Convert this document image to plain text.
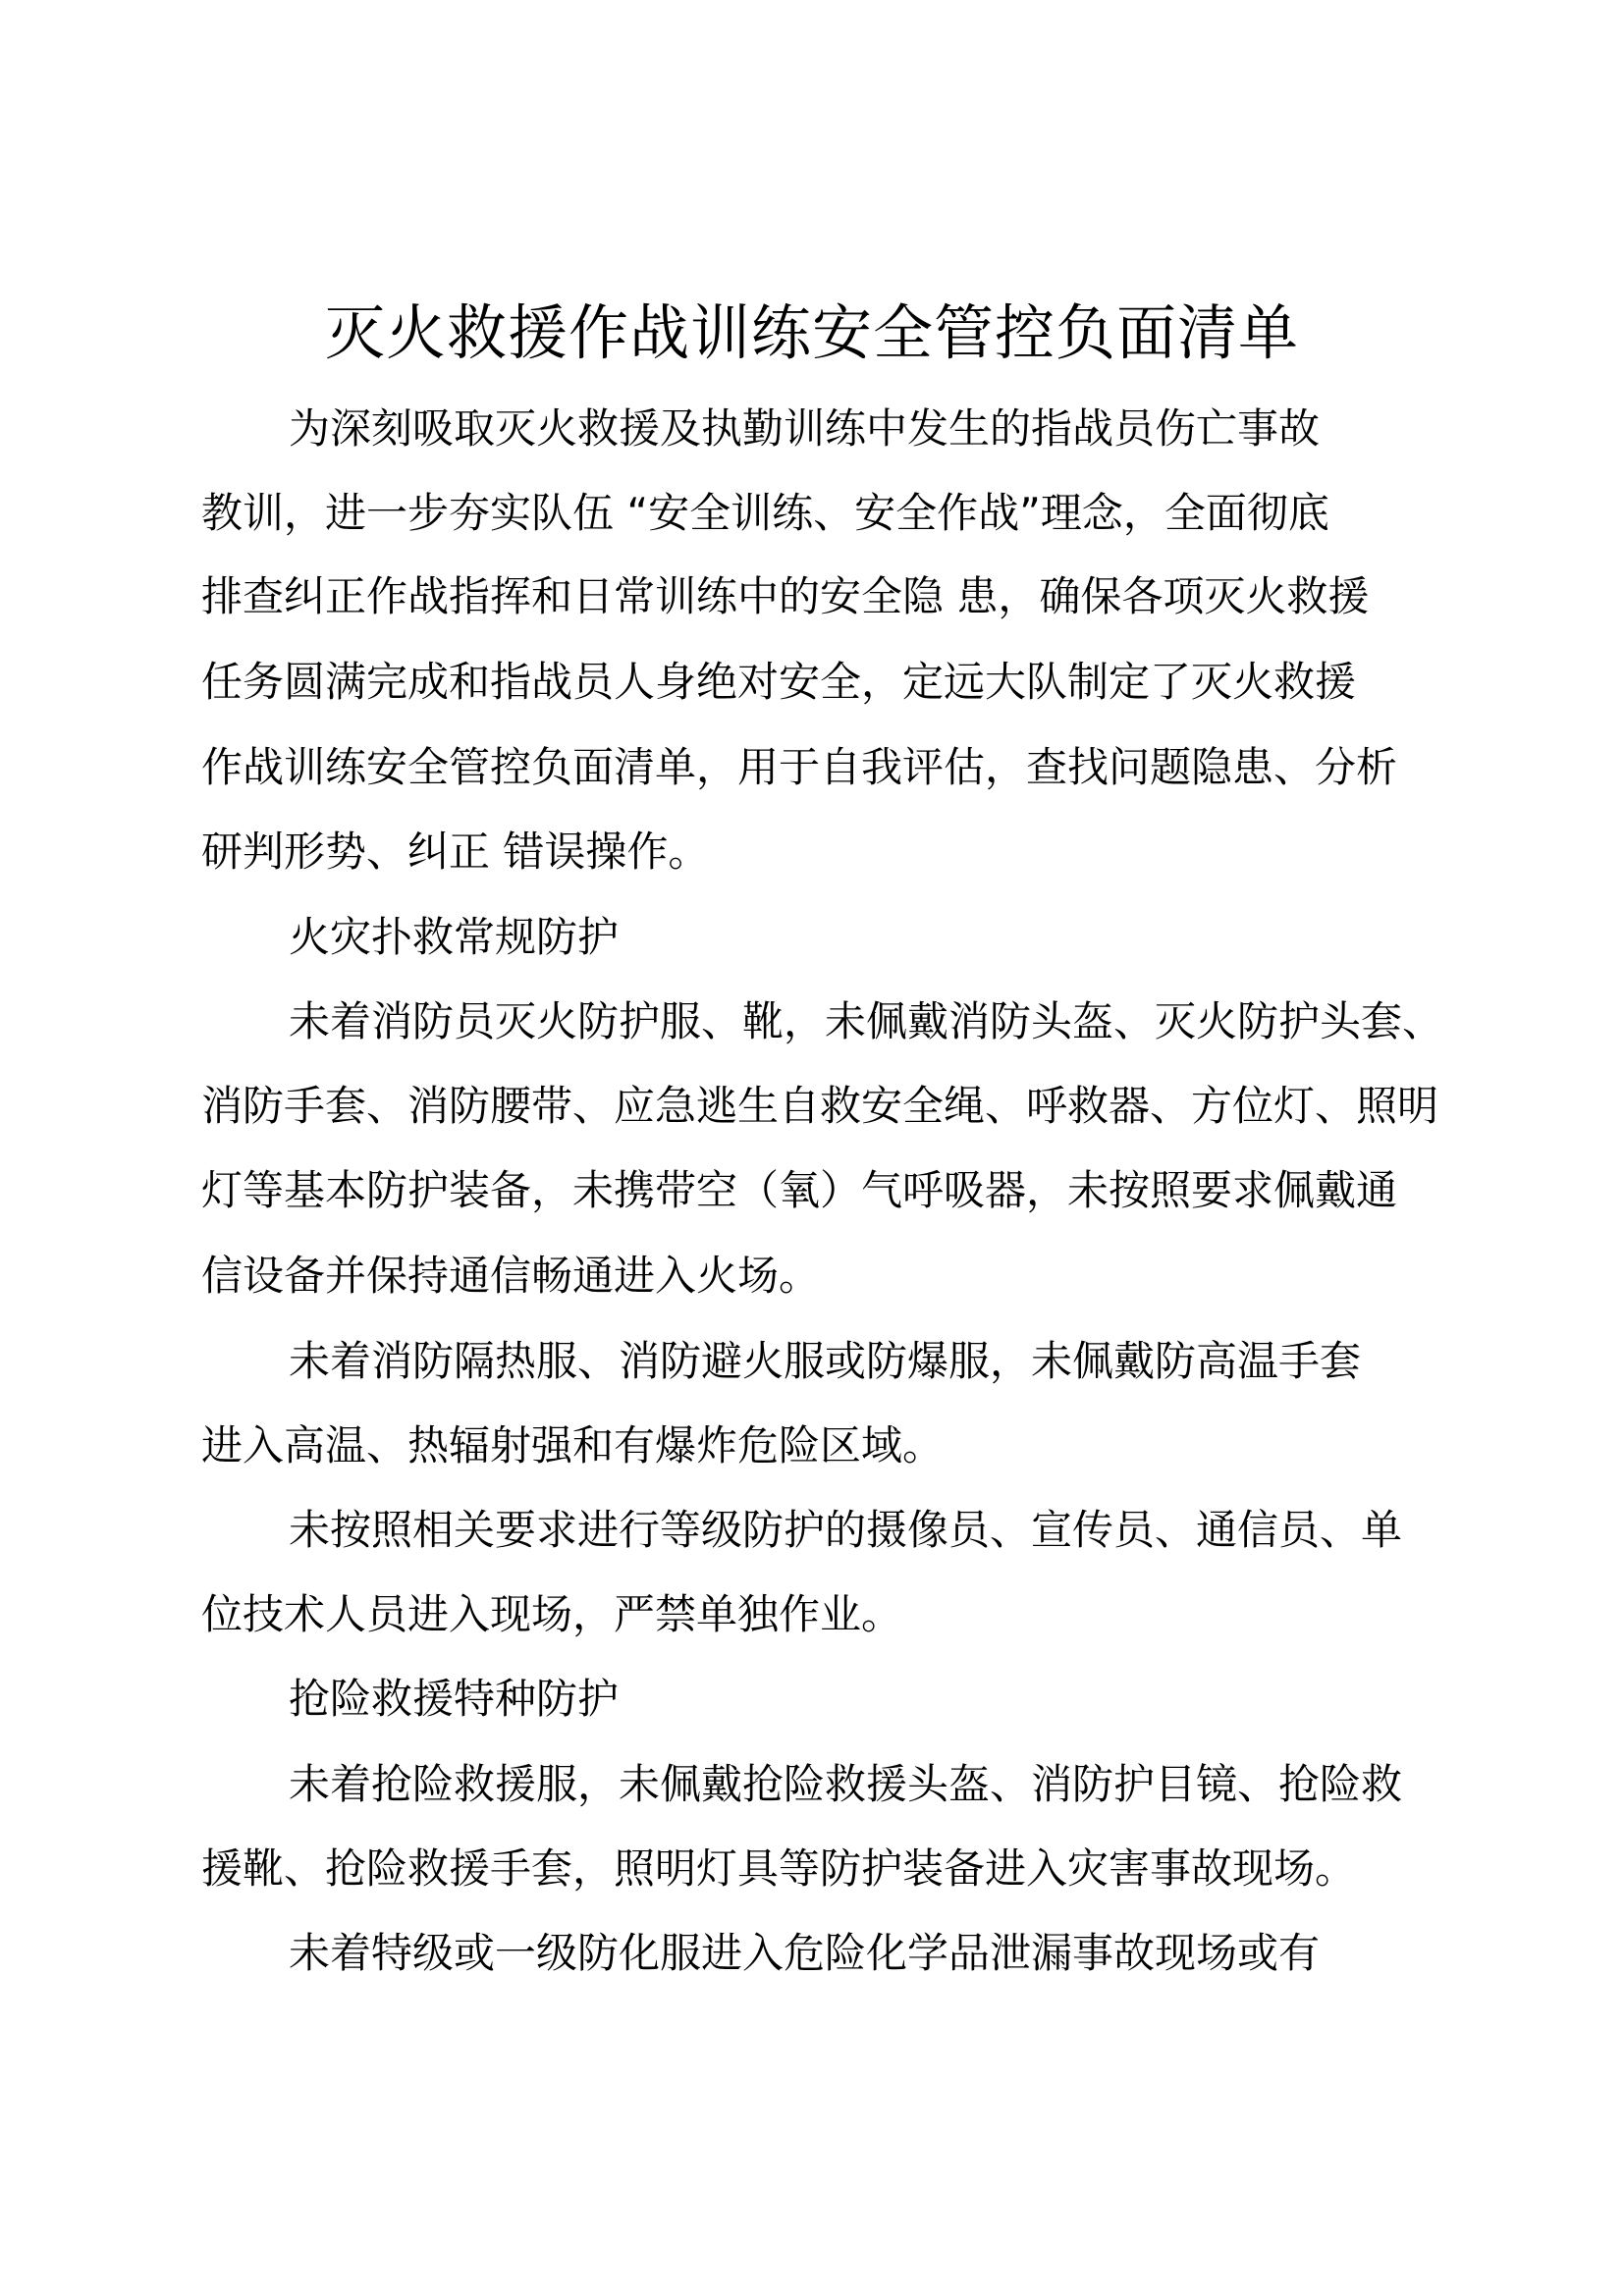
灭火救援作战训练安全管控负面清单
为深刻吸取灭火救援及执勤训练中发生的指战员伤亡事故
教训，进一步夯实队伍 “安全训练、安全作战”理念，全面彻底
排查纠正作战指挥和日常训练中的安全隐 患，确保各项灭火救援
任务圆满完成和指战员人身绝对安全，定远大队制定了灭火救援
作战训练安全管控负面清单，用于自我评估，查找问题隐患、分析
研判形势、纠正 错误操作。
火灾扑救常规防护
未着消防员灭火防护服、靴，未佩戴消防头盔、灭火防护头套、
消防手套、消防腰带、应急逃生自救安全绳、呼救器、方位灯、照明
灯等基本防护装备，未携带空（氧）气呼吸器，未按照要求佩戴通
信设备并保持通信畅通进入火场。
未着消防隔热服、消防避火服或防爆服，未佩戴防高温手套
进入高温、热辐射强和有爆炸危险区域。
未按照相关要求进行等级防护的摄像员、宣传员、通信员、单
位技术人员进入现场，严禁单独作业。
抢险救援特种防护
未着抢险救援服，未佩戴抢险救援头盔、消防护目镜、抢险救
援靴、抢险救援手套，照明灯具等防护装备进入灾害事故现场。
未着特级或一级防化服进入危险化学品泄漏事故现场或有
